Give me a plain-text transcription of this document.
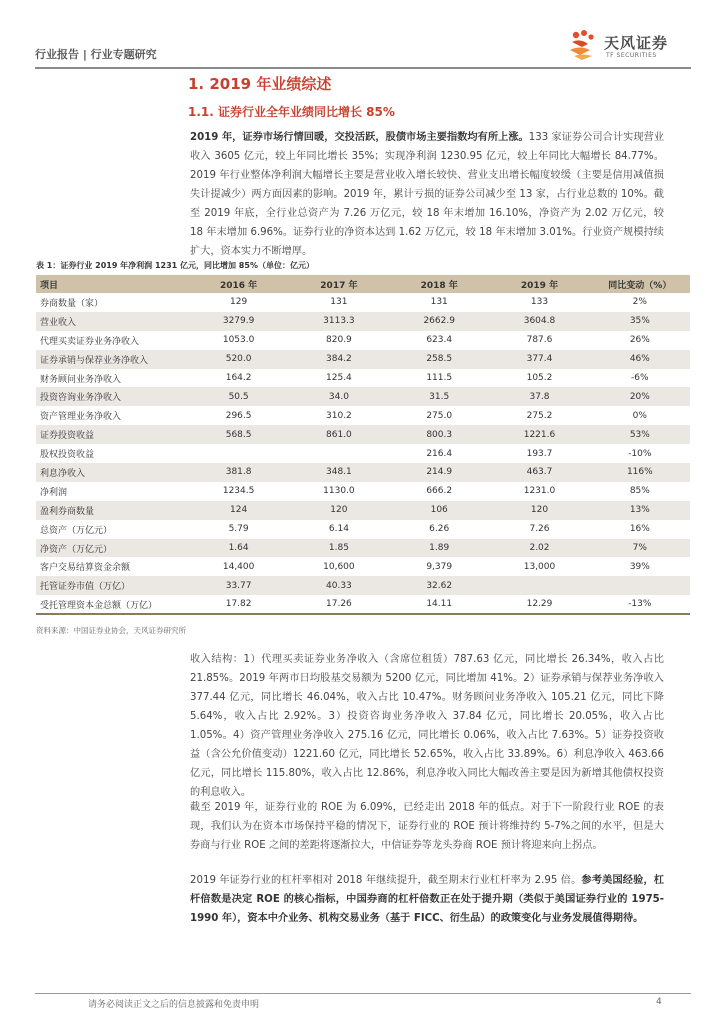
行业报告 | 行业专题研究
天风证券
TF SECURITIES
1. 2019 年业绩综述
1.1. 证券行业全年业绩同比增长 85%
2019 年，证券市场行情回暖，交投活跃，股债市场主要指数均有所上涨。133 家证券公司合计实现营业收入 3605 亿元，较上年同比增长 35%；实现净利润 1230.95 亿元，较上年同比大幅增长 84.77%。2019 年行业整体净利润大幅增长主要是营业收入增长较快、营业支出增长幅度较缓（主要是信用减值损失计提减少）两方面因素的影响。2019 年，累计亏损的证券公司减少至 13 家，占行业总数的 10%。截至 2019 年底，全行业总资产为 7.26 万亿元，较 18 年末增加 16.10%，净资产为 2.02 万亿元，较 18 年末增加 6.96%。证券行业的净资本达到 1.62 万亿元，较 18 年末增加 3.01%。行业资产规模持续扩大，资本实力不断增厚。
表 1：证券行业 2019 年净利润 1231 亿元，同比增加 85%（单位：亿元）
项目	2016 年	2017 年	2018 年	2019 年	同比变动（%）
券商数量（家）	129	131	131	133	2%
营业收入	3279.9	3113.3	2662.9	3604.8	35%
代理买卖证券业务净收入	1053.0	820.9	623.4	787.6	26%
证券承销与保荐业务净收入	520.0	384.2	258.5	377.4	46%
财务顾问业务净收入	164.2	125.4	111.5	105.2	-6%
投资咨询业务净收入	50.5	34.0	31.5	37.8	20%
资产管理业务净收入	296.5	310.2	275.0	275.2	0%
证券投资收益	568.5	861.0	800.3	1221.6	53%
股权投资收益			216.4	193.7	-10%
利息净收入	381.8	348.1	214.9	463.7	116%
净利润	1234.5	1130.0	666.2	1231.0	85%
盈利券商数量	124	120	106	120	13%
总资产（万亿元）	5.79	6.14	6.26	7.26	16%
净资产（万亿元）	1.64	1.85	1.89	2.02	7%
客户交易结算资金余额	14,400	10,600	9,379	13,000	39%
托管证券市值（万亿）	33.77	40.33	32.62		
受托管理资本金总额（万亿）	17.82	17.26	14.11	12.29	-13%
资料来源：中国证券业协会，天风证券研究所
收入结构：1）代理买卖证券业务净收入（含席位租赁）787.63 亿元，同比增长 26.34%，收入占比 21.85%。2019 年两市日均股基交易额为 5200 亿元，同比增加 41%。2）证券承销与保荐业务净收入 377.44 亿元，同比增长 46.04%，收入占比 10.47%。财务顾问业务净收入 105.21 亿元，同比下降 5.64%，收入占比 2.92%。3）投资咨询业务净收入 37.84 亿元，同比增长 20.05%，收入占比 1.05%。4）资产管理业务净收入 275.16 亿元，同比增长 0.06%，收入占比 7.63%。5）证券投资收益（含公允价值变动）1221.60 亿元，同比增长 52.65%，收入占比 33.89%。6）利息净收入 463.66 亿元，同比增长 115.80%，收入占比 12.86%，利息净收入同比大幅改善主要是因为新增其他债权投资的利息收入。
截至 2019 年，证券行业的 ROE 为 6.09%，已经走出 2018 年的低点。对于下一阶段行业 ROE 的表现，我们认为在资本市场保持平稳的情况下，证券行业的 ROE 预计将维持约 5-7%之间的水平，但是大券商与行业 ROE 之间的差距将逐渐拉大，中信证券等龙头券商 ROE 预计将迎来向上拐点。
2019 年证券行业的杠杆率相对 2018 年继续提升，截至期末行业杠杆率为 2.95 倍。参考美国经验，杠杆倍数是决定 ROE 的核心指标，中国券商的杠杆倍数正在处于提升期（类似于美国证券行业的 1975-1990 年），资本中介业务、机构交易业务（基于 FICC、衍生品）的政策变化与业务发展值得期待。
请务必阅读正文之后的信息披露和免责申明	4
